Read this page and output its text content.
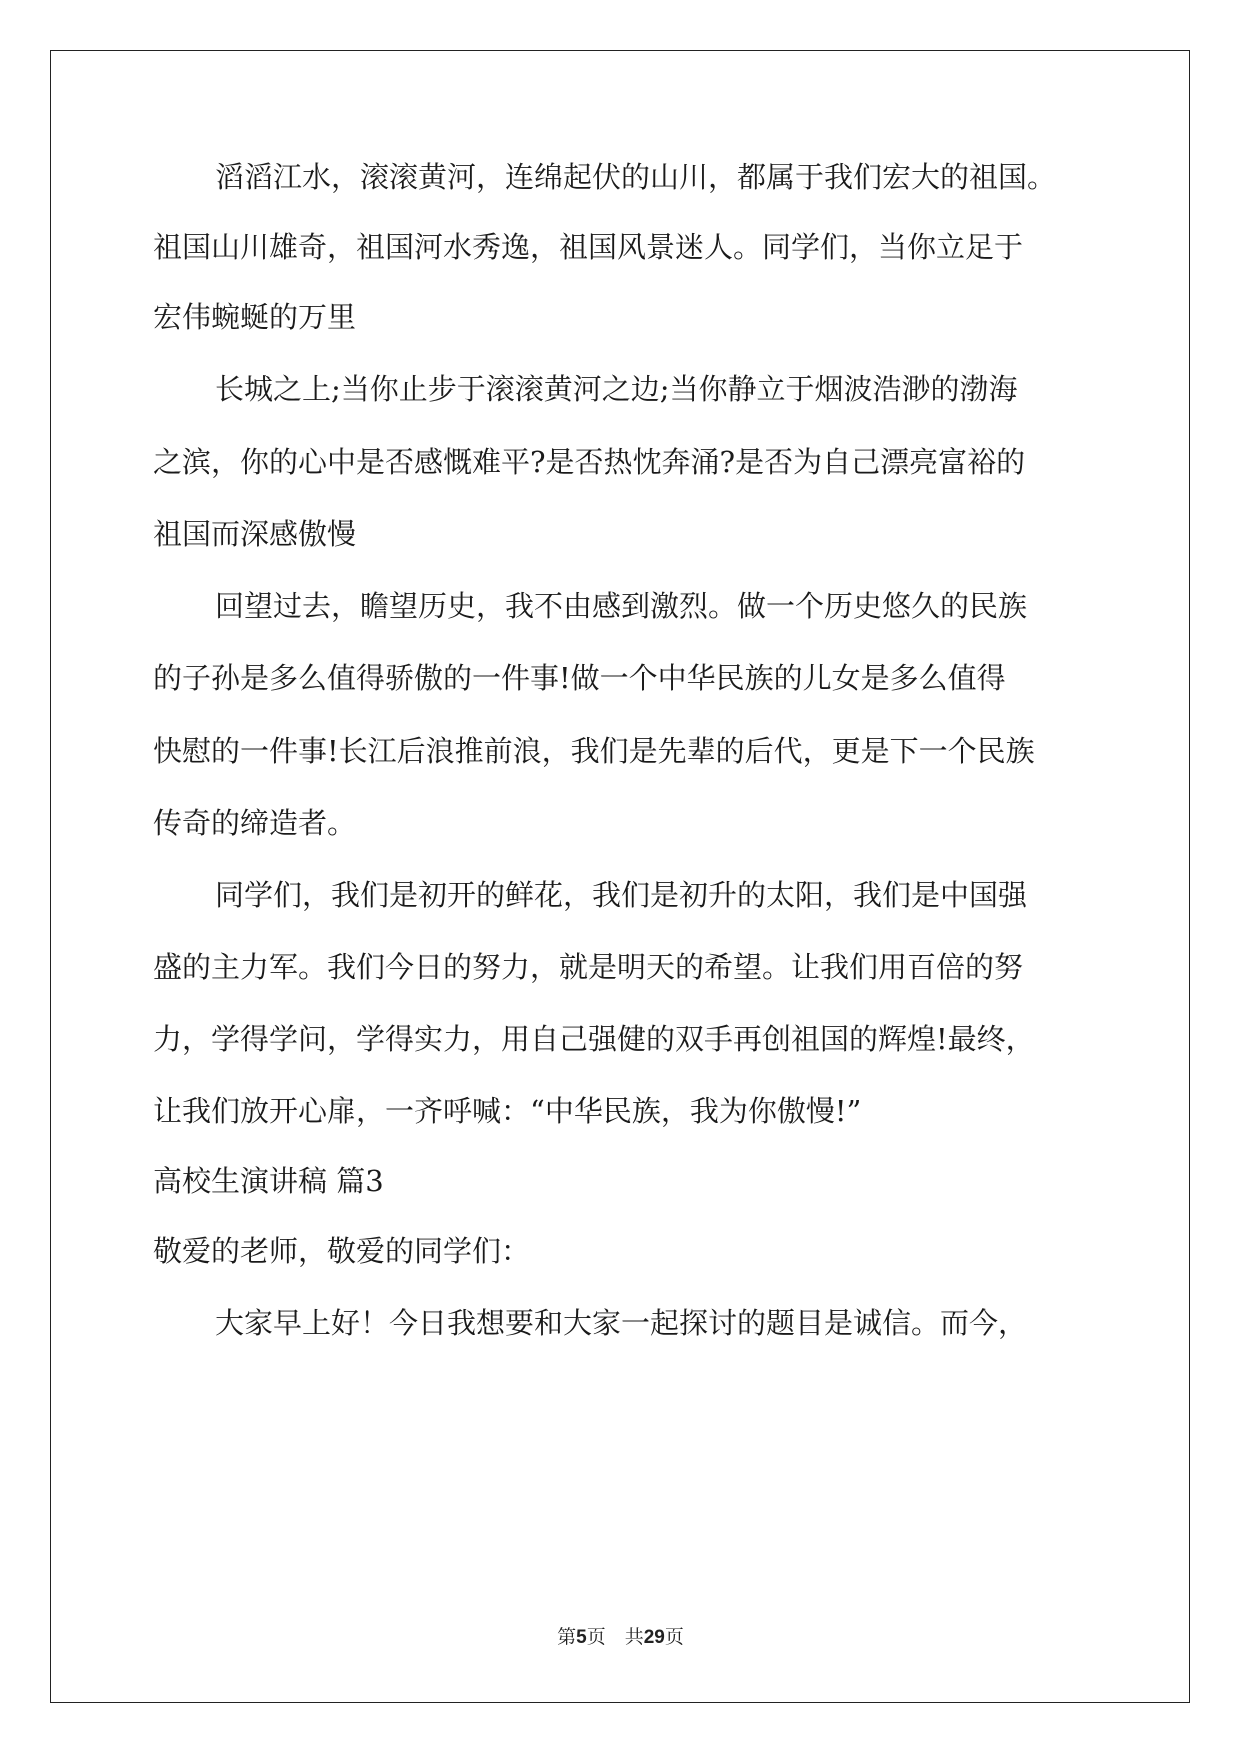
滔滔江水，滚滚黄河，连绵起伏的山川，都属于我们宏大的祖国。
祖国山川雄奇，祖国河水秀逸，祖国风景迷人。同学们，当你立足于
宏伟蜿蜒的万里
长城之上;当你止步于滚滚黄河之边;当你静立于烟波浩渺的渤海
之滨，你的心中是否感慨难平?是否热忱奔涌?是否为自己漂亮富裕的
祖国而深感傲慢
回望过去，瞻望历史，我不由感到激烈。做一个历史悠久的民族
的子孙是多么值得骄傲的一件事!做一个中华民族的儿女是多么值得
快慰的一件事!长江后浪推前浪，我们是先辈的后代，更是下一个民族
传奇的缔造者。
同学们，我们是初开的鲜花，我们是初升的太阳，我们是中国强
盛的主力军。我们今日的努力，就是明天的希望。让我们用百倍的努
力，学得学问，学得实力，用自己强健的双手再创祖国的辉煌!最终，
让我们放开心扉，一齐呼喊：“中华民族，我为你傲慢!”
高校生演讲稿 篇3
敬爱的老师，敬爱的同学们：
大家早上好！今日我想要和大家一起探讨的题目是诚信。而今，
第5页　共29页
